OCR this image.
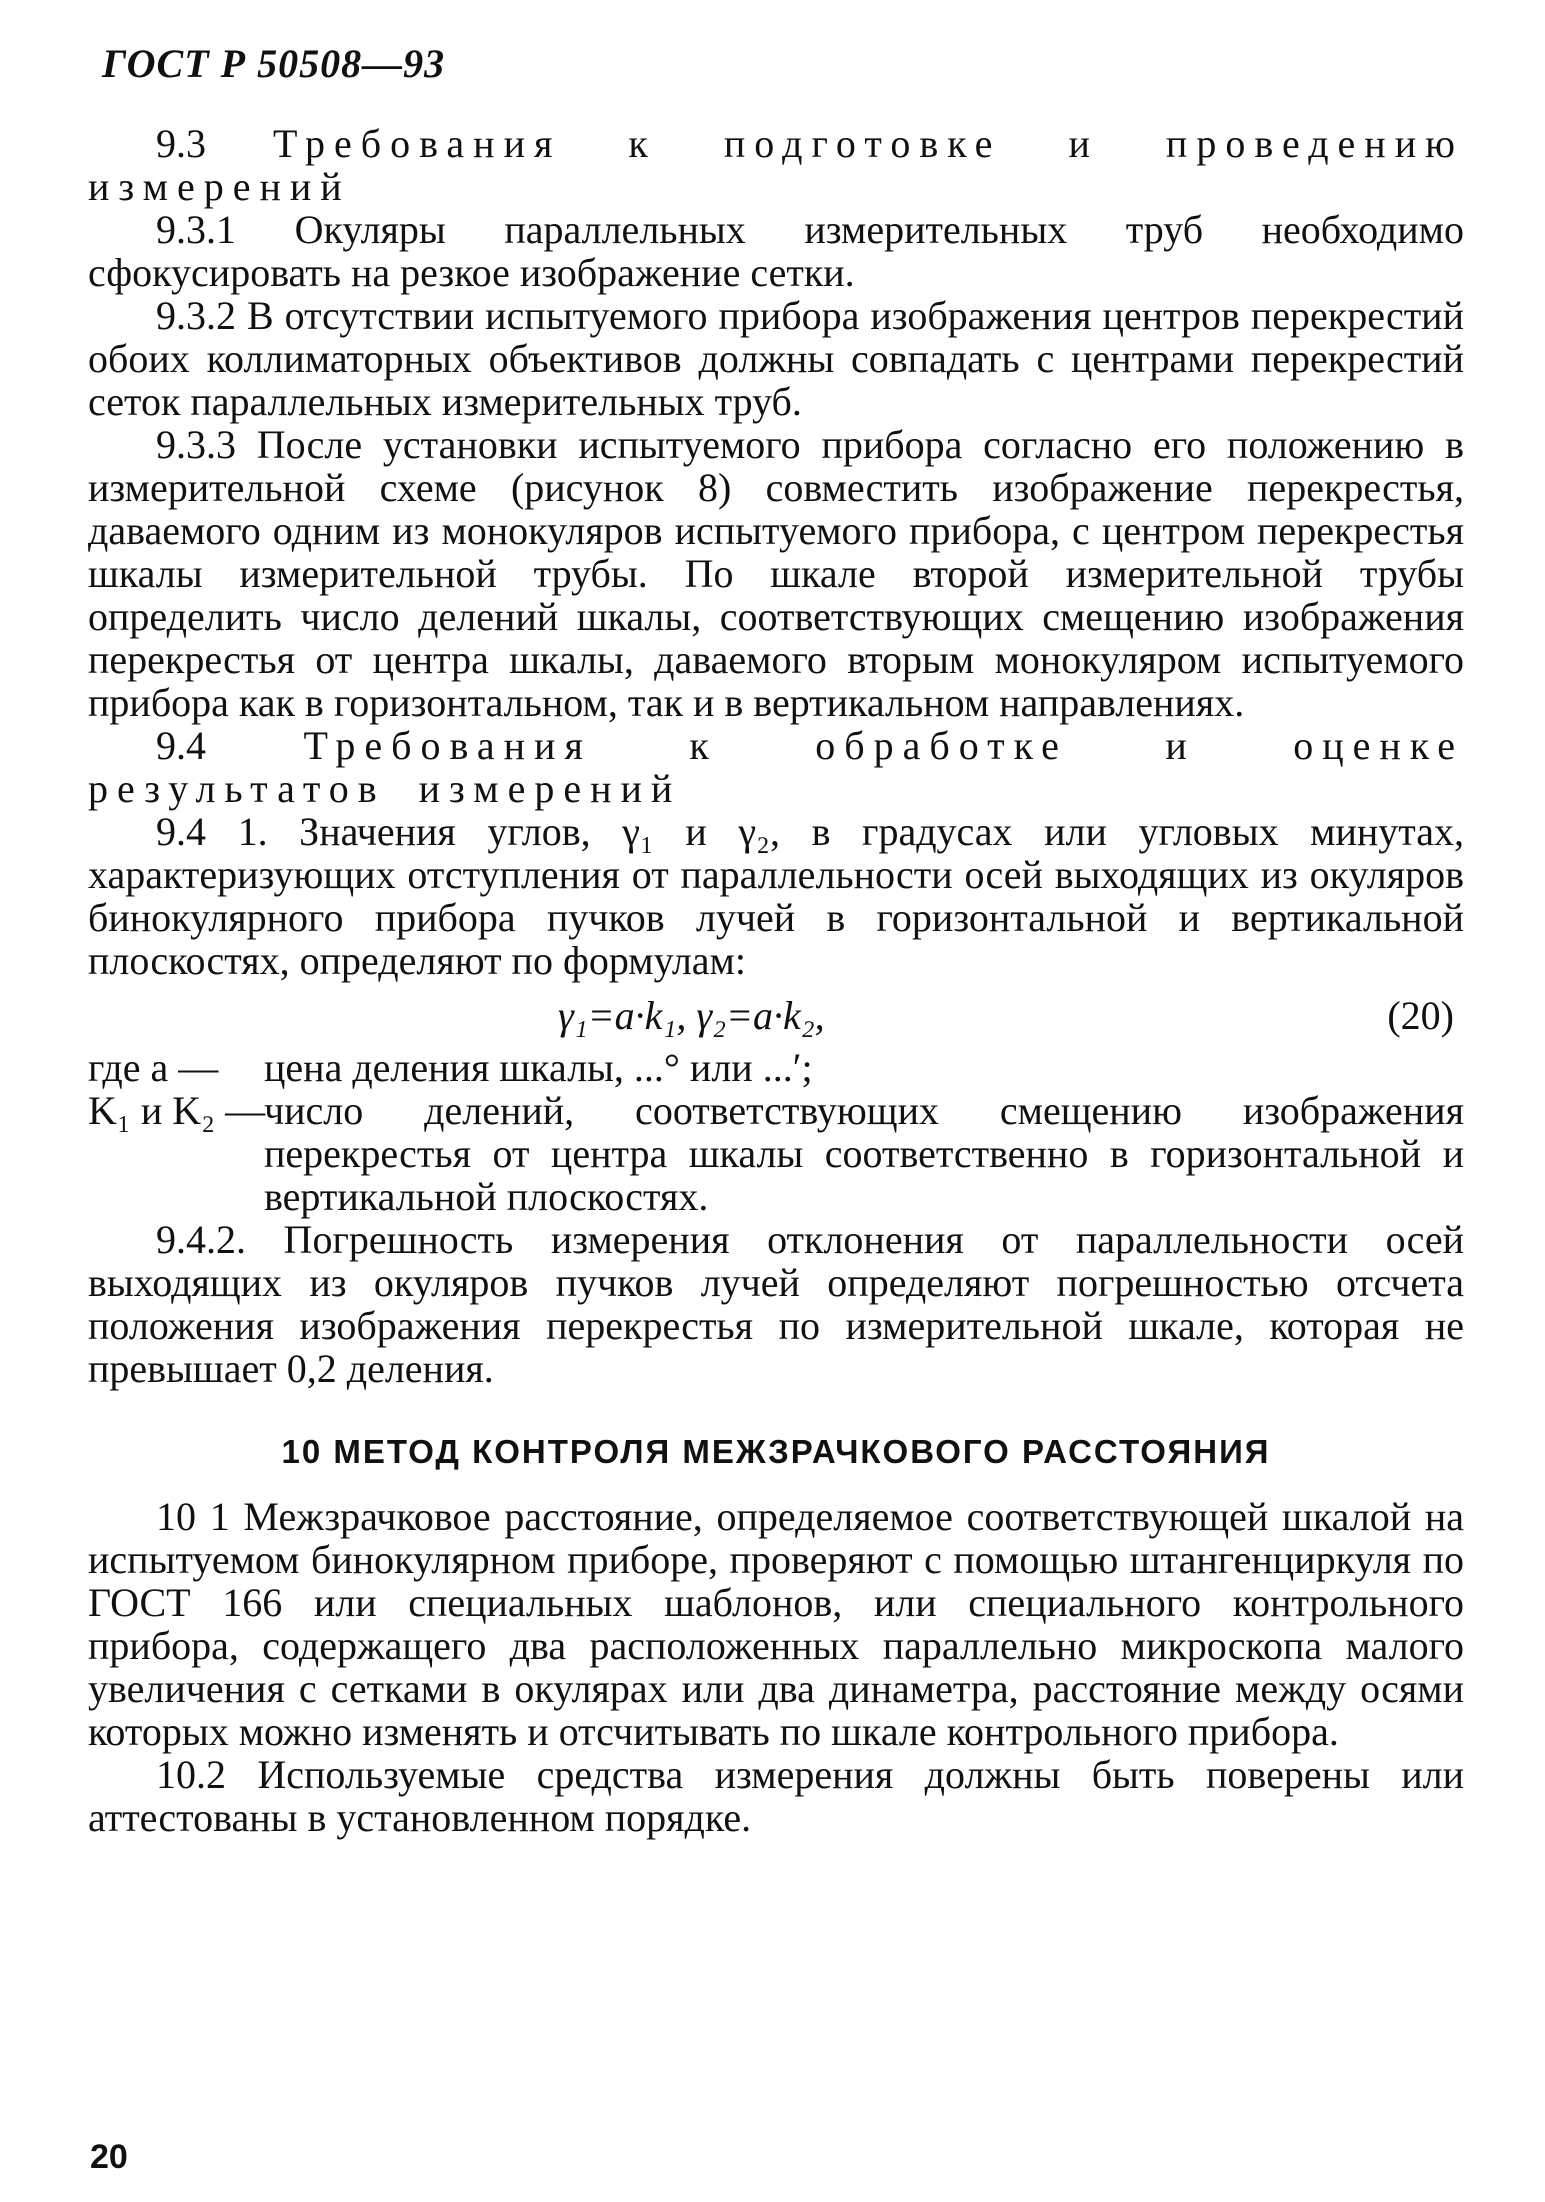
ГОСТ Р 50508—93

9.3 Требования к подготовке и проведению измерений

9.3.1 Окуляры параллельных измерительных труб необходимо сфокусировать на резкое изображение сетки.

9.3.2 В отсутствии испытуемого прибора изображения центров перекрестий обоих коллиматорных объективов должны совпадать с центрами перекрестий сеток параллельных измерительных труб.

9.3.3 После установки испытуемого прибора согласно его положению в измерительной схеме (рисунок 8) совместить изображение перекрестья, даваемого одним из монокуляров испытуемого прибора, с центром перекрестья шкалы измерительной трубы. По шкале второй измерительной трубы определить число делений шкалы, соответствующих смещению изображения перекрестья от центра шкалы, даваемого вторым монокуляром испытуемого прибора как в горизонтальном, так и в вертикальном направлениях.

9.4 Требования к обработке и оценке результатов измерений

9.4 1. Значения углов, γ₁ и γ₂, в градусах или угловых минутах, характеризующих отступления от параллельности осей выходящих из окуляров бинокулярного прибора пучков лучей в горизонтальной и вертикальной плоскостях, определяют по формулам:

γ₁=a·k₁, γ₂=a·k₂,	(20)
где a —	цена деления шкалы, ...° или ...′;
K₁ и K₂ —
число делений, соответствующих смещению изображения перекрестья от центра шкалы соответственно в горизонтальной и вертикальной плоскостях.

9.4.2. Погрешность измерения отклонения от параллельности осей выходящих из окуляров пучков лучей определяют погрешностью отсчета положения изображения перекрестья по измерительной шкале, которая не превышает 0,2 деления.

10 МЕТОД КОНТРОЛЯ МЕЖЗРАЧКОВОГО РАССТОЯНИЯ

10 1 Межзрачковое расстояние, определяемое соответствующей шкалой на испытуемом бинокулярном приборе, проверяют с помощью штангенциркуля по ГОСТ 166 или специальных шаблонов, или специального контрольного прибора, содержащего два расположенных параллельно микроскопа малого увеличения с сетками в окулярах или два динаметра, расстояние между осями которых можно изменять и отсчитывать по шкале контрольного прибора.

10.2 Используемые средства измерения должны быть поверены или аттестованы в установленном порядке.

20
